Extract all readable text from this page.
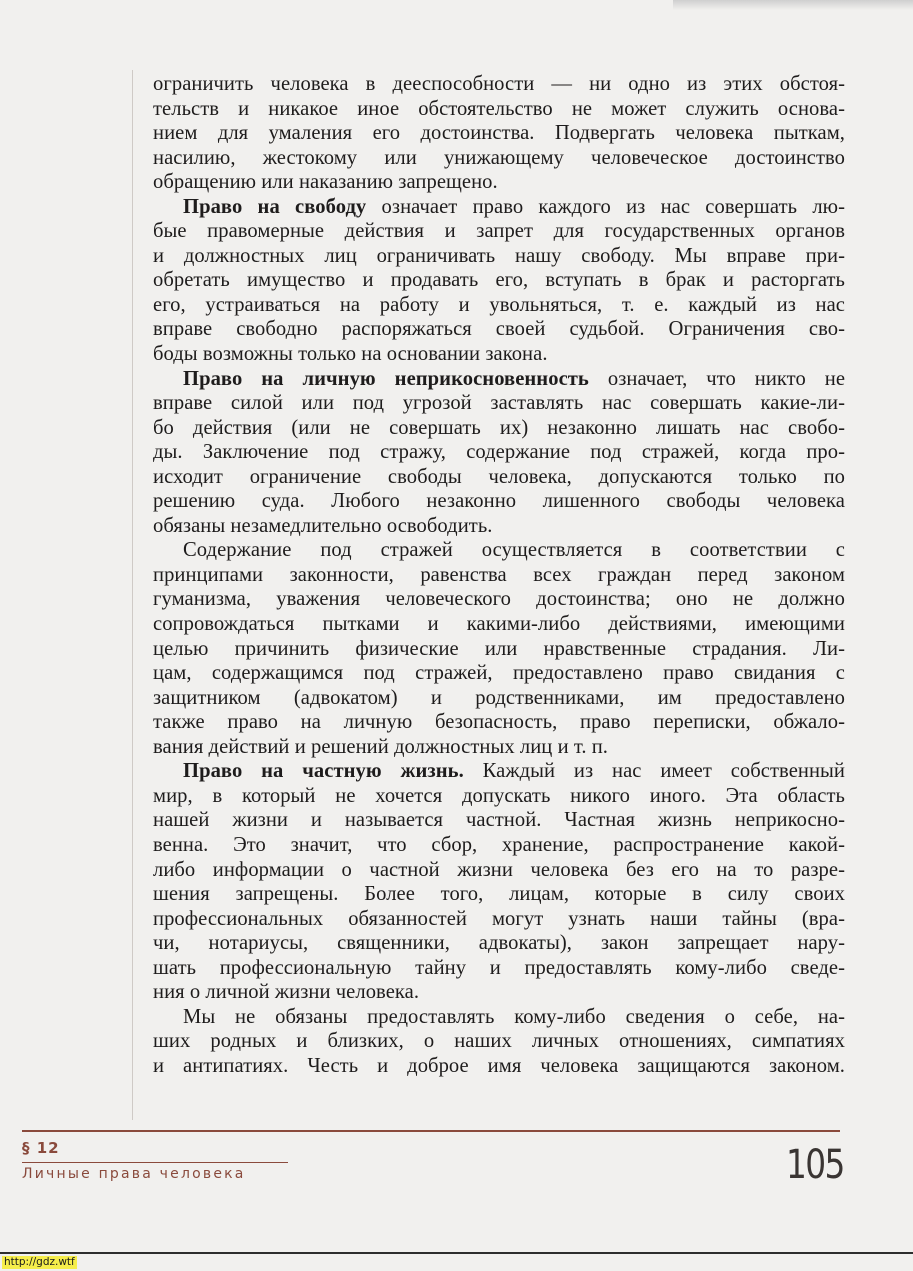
ограничить человека в дееспособности — ни одно из этих обстоя-
тельств и никакое иное обстоятельство не может служить основа-
нием для умаления его достоинства. Подвергать человека пыткам,
насилию, жестокому или унижающему человеческое достоинство
обращению или наказанию запрещено.
Право на свободу означает право каждого из нас совершать лю-
бые правомерные действия и запрет для государственных органов
и должностных лиц ограничивать нашу свободу. Мы вправе при-
обретать имущество и продавать его, вступать в брак и расторгать
его, устраиваться на работу и увольняться, т. е. каждый из нас
вправе свободно распоряжаться своей судьбой. Ограничения сво-
боды возможны только на основании закона.
Право на личную неприкосновенность означает, что никто не
вправе силой или под угрозой заставлять нас совершать какие-ли-
бо действия (или не совершать их) незаконно лишать нас свобо-
ды. Заключение под стражу, содержание под стражей, когда про-
исходит ограничение свободы человека, допускаются только по
решению суда. Любого незаконно лишенного свободы человека
обязаны незамедлительно освободить.
Содержание под стражей осуществляется в соответствии с
принципами законности, равенства всех граждан перед законом
гуманизма, уважения человеческого достоинства; оно не должно
сопровождаться пытками и какими-либо действиями, имеющими
целью причинить физические или нравственные страдания. Ли-
цам, содержащимся под стражей, предоставлено право свидания с
защитником (адвокатом) и родственниками, им предоставлено
также право на личную безопасность, право переписки, обжало-
вания действий и решений должностных лиц и т. п.
Право на частную жизнь. Каждый из нас имеет собственный
мир, в который не хочется допускать никого иного. Эта область
нашей жизни и называется частной. Частная жизнь неприкосно-
венна. Это значит, что сбор, хранение, распространение какой-
либо информации о частной жизни человека без его на то разре-
шения запрещены. Более того, лицам, которые в силу своих
профессиональных обязанностей могут узнать наши тайны (вра-
чи, нотариусы, священники, адвокаты), закон запрещает нару-
шать профессиональную тайну и предоставлять кому-либо сведе-
ния о личной жизни человека.
Мы не обязаны предоставлять кому-либо сведения о себе, на-
ших родных и близких, о наших личных отношениях, симпатиях
и антипатиях. Честь и доброе имя человека защищаются законом.
§ 12
Личные права человека	105
http://gdz.wtf
